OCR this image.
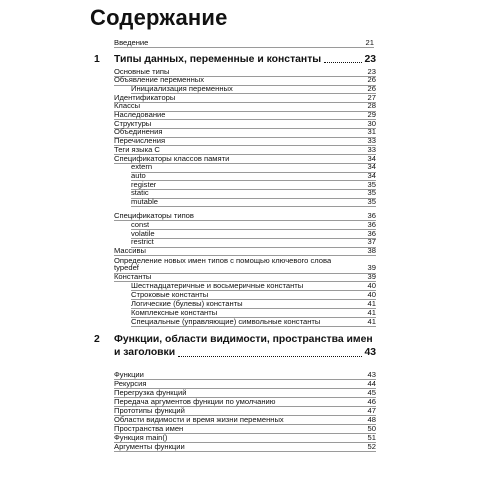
Содержание
Введение	21
1 Типы данных, переменные и константы	23
Основные типы	23
Объявление переменных	26
Инициализация переменных	26
Идентификаторы	27
Классы	28
Наследование	29
Структуры	30
Объединения	31
Перечисления	33
Теги языка С	33
Спецификаторы классов памяти	34
extern	34
auto	34
register	35
static	35
mutable	35
Спецификаторы типов	36
const	36
volatile	36
restrict	37
Массивы	38
Определение новых имен типов с помощью ключевого слова
typedef	39
Константы	39
Шестнадцатеричные и восьмеричные константы	40
Строковые константы	40
Логические (булевы) константы	41
Комплексные константы	41
Специальные (управляющие) символьные константы	41
2 Функции, области видимости, пространства имен
и заголовки	43
Функции	43
Рекурсия	44
Перегрузка функций	45
Передача аргументов функции по умолчанию	46
Прототипы функций	47
Области видимости и время жизни переменных	48
Пространства имен	50
Функция main()	51
Аргументы функции	52
